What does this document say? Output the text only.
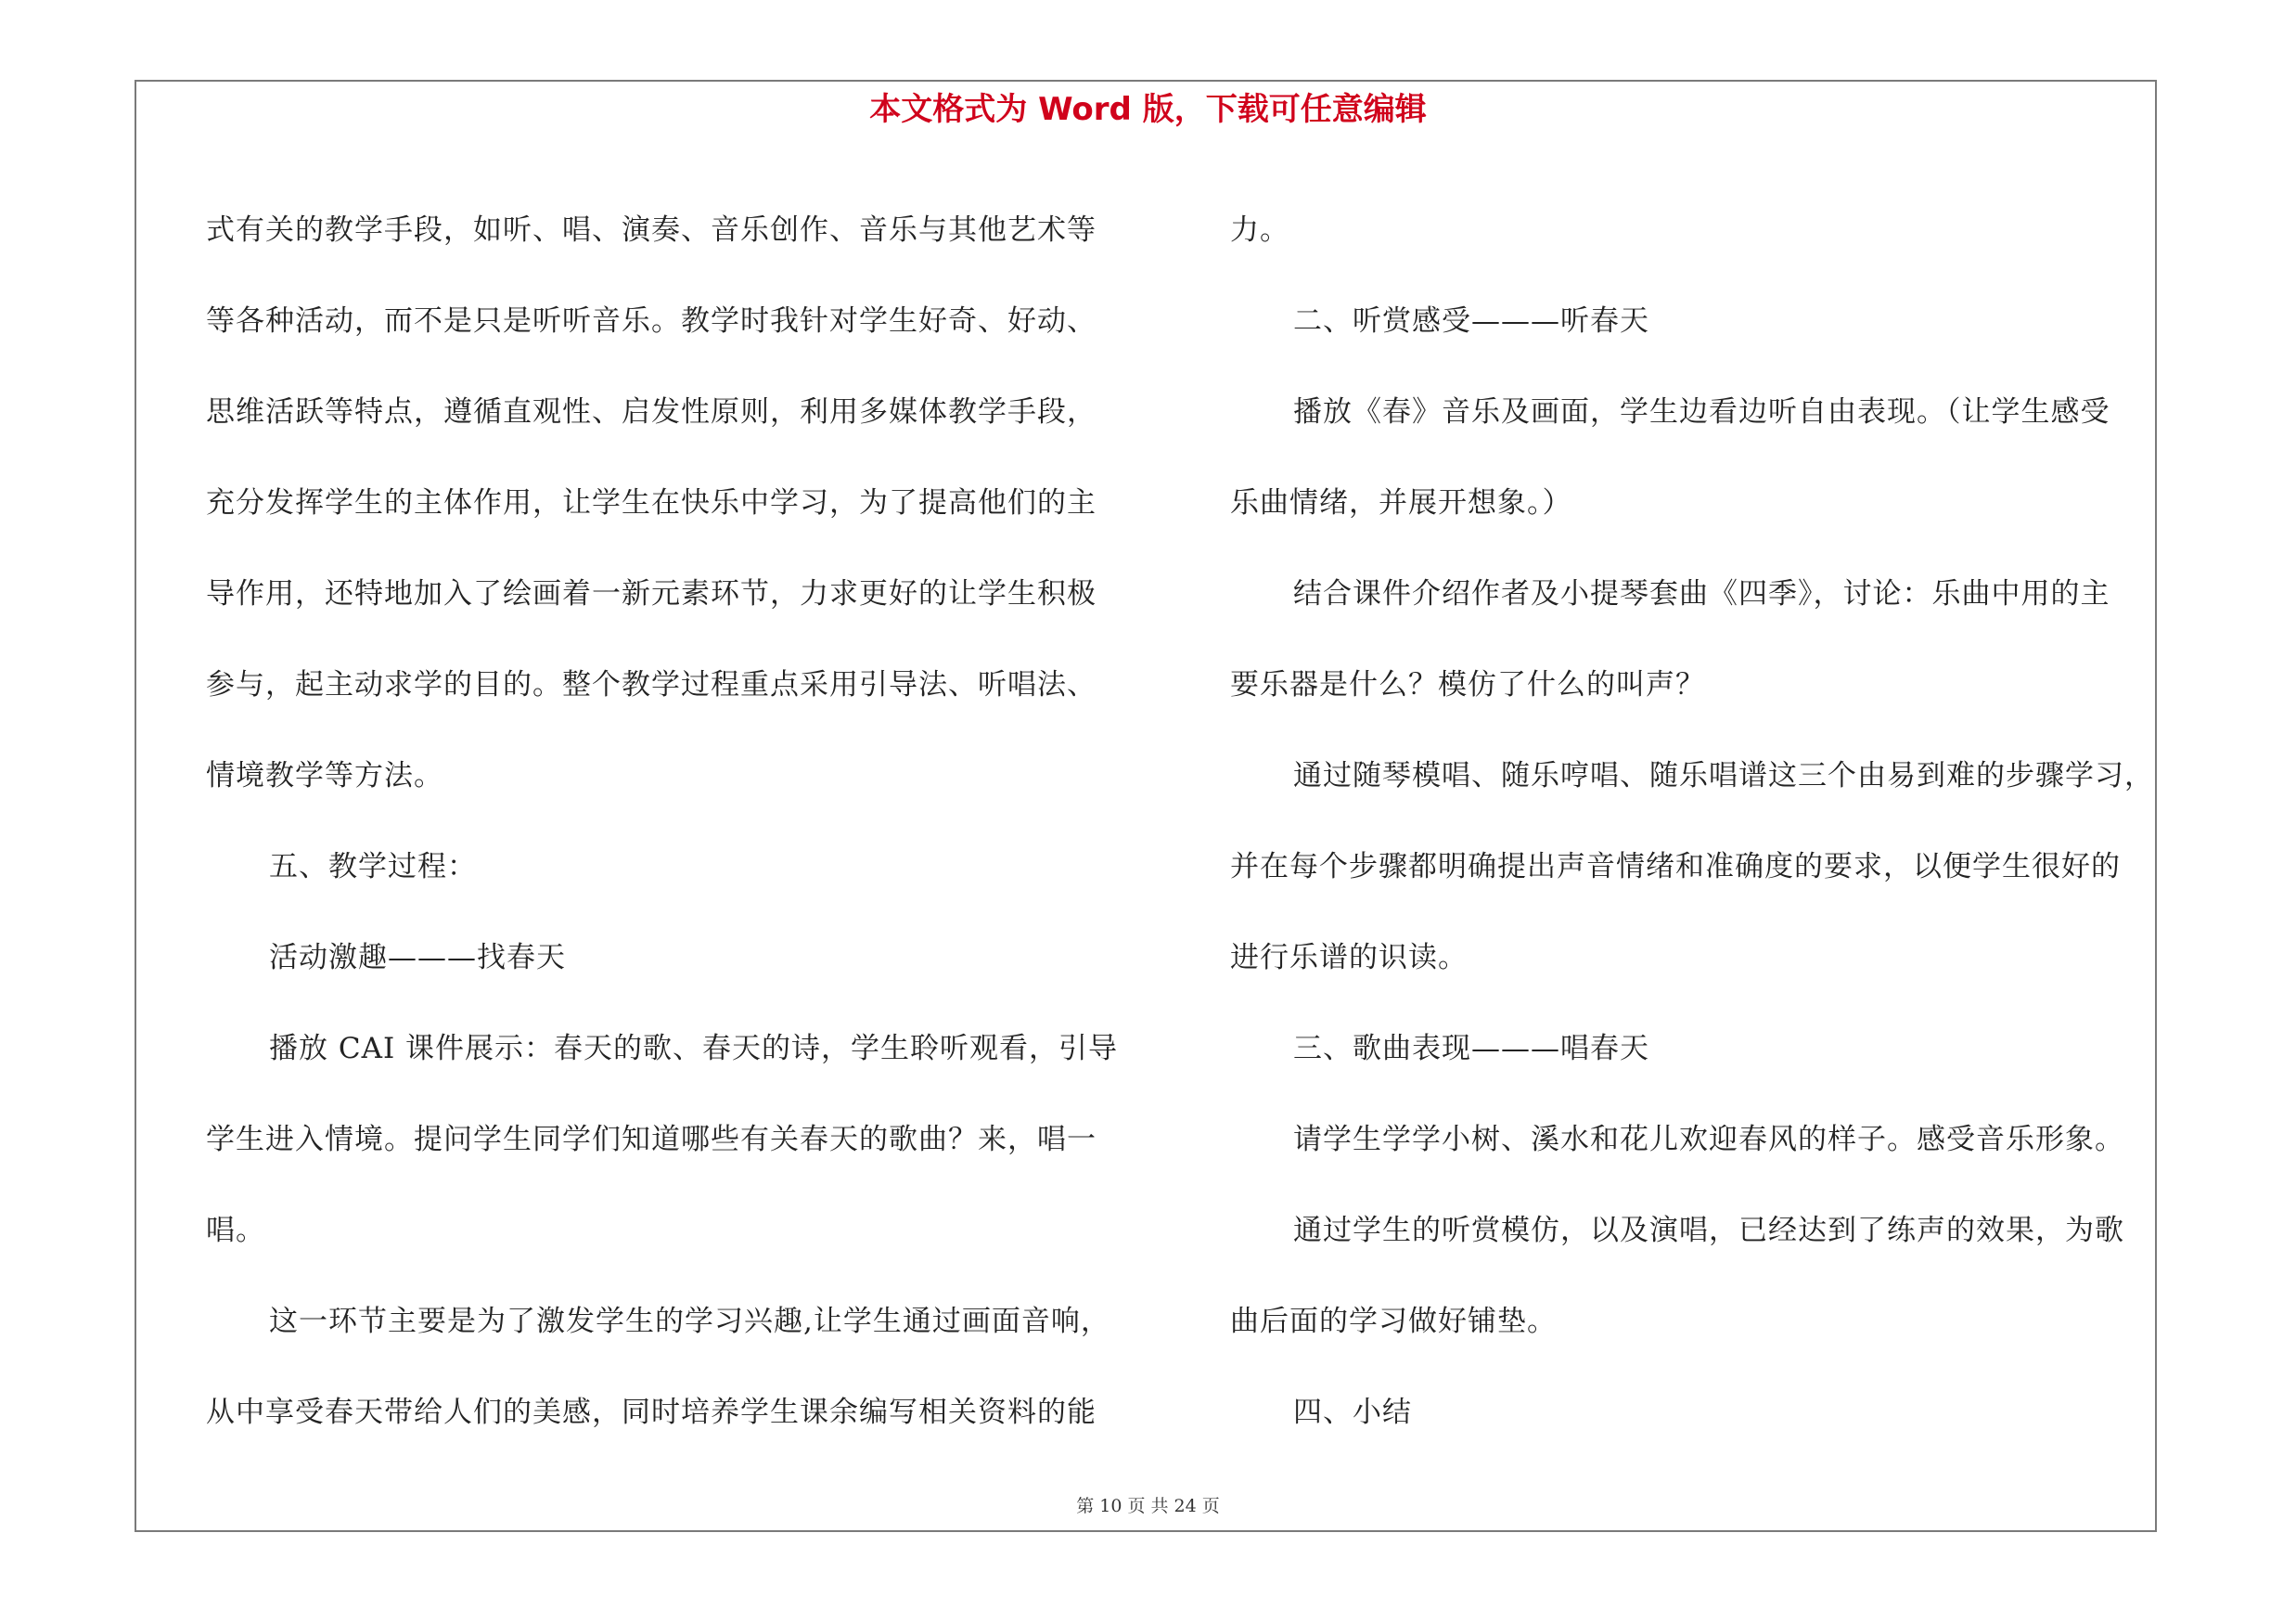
本文格式为 Word 版，下载可任意编辑
式有关的教学手段，如听、唱、演奏、音乐创作、音乐与其他艺术等
等各种活动，而不是只是听听音乐。教学时我针对学生好奇、好动、
思维活跃等特点，遵循直观性、启发性原则，利用多媒体教学手段，
充分发挥学生的主体作用，让学生在快乐中学习，为了提高他们的主
导作用，还特地加入了绘画着一新元素环节，力求更好的让学生积极
参与，起主动求学的目的。整个教学过程重点采用引导法、听唱法、
情境教学等方法。
五、教学过程：
活动激趣———找春天
播放 CAI 课件展示：春天的歌、春天的诗，学生聆听观看，引导
学生进入情境。提问学生同学们知道哪些有关春天的歌曲？来，唱一
唱。
这一环节主要是为了激发学生的学习兴趣,让学生通过画面音响，
从中享受春天带给人们的美感，同时培养学生课余编写相关资料的能
力。
二、听赏感受———听春天
播放《春》音乐及画面，学生边看边听自由表现。（让学生感受
乐曲情绪，并展开想象。）
结合课件介绍作者及小提琴套曲《四季》，讨论：乐曲中用的主
要乐器是什么？模仿了什么的叫声？
通过随琴模唱、随乐哼唱、随乐唱谱这三个由易到难的步骤学习，
并在每个步骤都明确提出声音情绪和准确度的要求，以便学生很好的
进行乐谱的识读。
三、歌曲表现———唱春天
请学生学学小树、溪水和花儿欢迎春风的样子。感受音乐形象。
通过学生的听赏模仿，以及演唱，已经达到了练声的效果，为歌
曲后面的学习做好铺垫。
四、小结
第 10 页 共 24 页
